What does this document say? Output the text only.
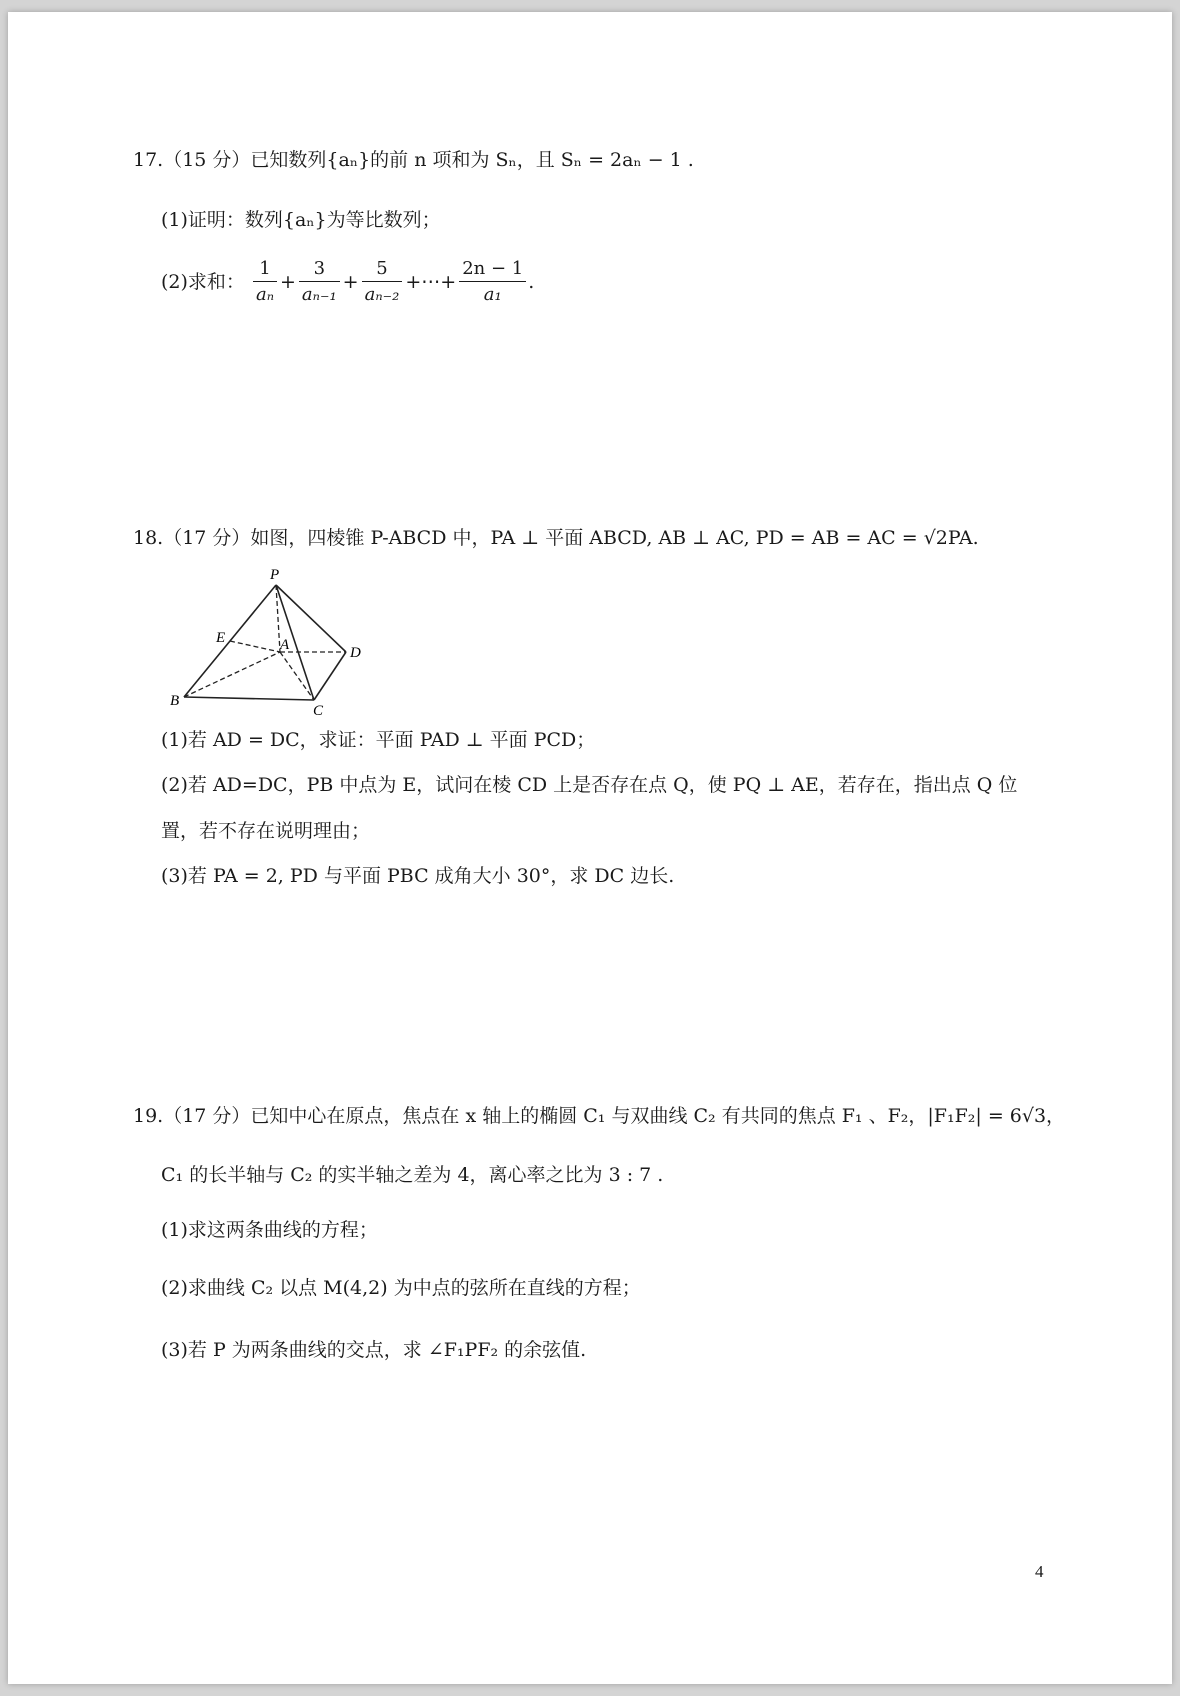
17.（15 分）已知数列{aₙ}的前 n 项和为 Sₙ，且 Sₙ = 2aₙ − 1 .
(1)证明：数列{aₙ}为等比数列；
(2)求和： $\frac{1}{\text{aₙ}} + \frac{3}{\text{aₙ₋₁}} + \frac{5}{\text{aₙ₋₂}}$ +⋯+ $\frac{2n - 1}{\text{a₁}}$ .
18.（17 分）如图，四棱锥 P-ABCD 中，PA ⊥ 平面 ABCD, AB ⊥ AC, PD = AB = AC = √2PA.
P
E	A	D
B
C
(1)若 AD = DC，求证：平面 PAD ⊥ 平面 PCD；
(2)若 AD=DC，PB 中点为 E，试问在棱 CD 上是否存在点 Q，使 PQ ⊥ AE，若存在，指出点 Q 位
置，若不存在说明理由；
(3)若 PA = 2, PD 与平面 PBC 成角大小 30°，求 DC 边长.
19.（17 分）已知中心在原点，焦点在 x 轴上的椭圆 C₁ 与双曲线 C₂ 有共同的焦点 F₁ 、F₂，|F₁F₂| = 6√3，
C₁ 的长半轴与 C₂ 的实半轴之差为 4，离心率之比为 3 : 7 .
(1)求这两条曲线的方程；
(2)求曲线 C₂ 以点 M(4,2) 为中点的弦所在直线的方程；
(3)若 P 为两条曲线的交点，求 ∠F₁PF₂ 的余弦值.
4
